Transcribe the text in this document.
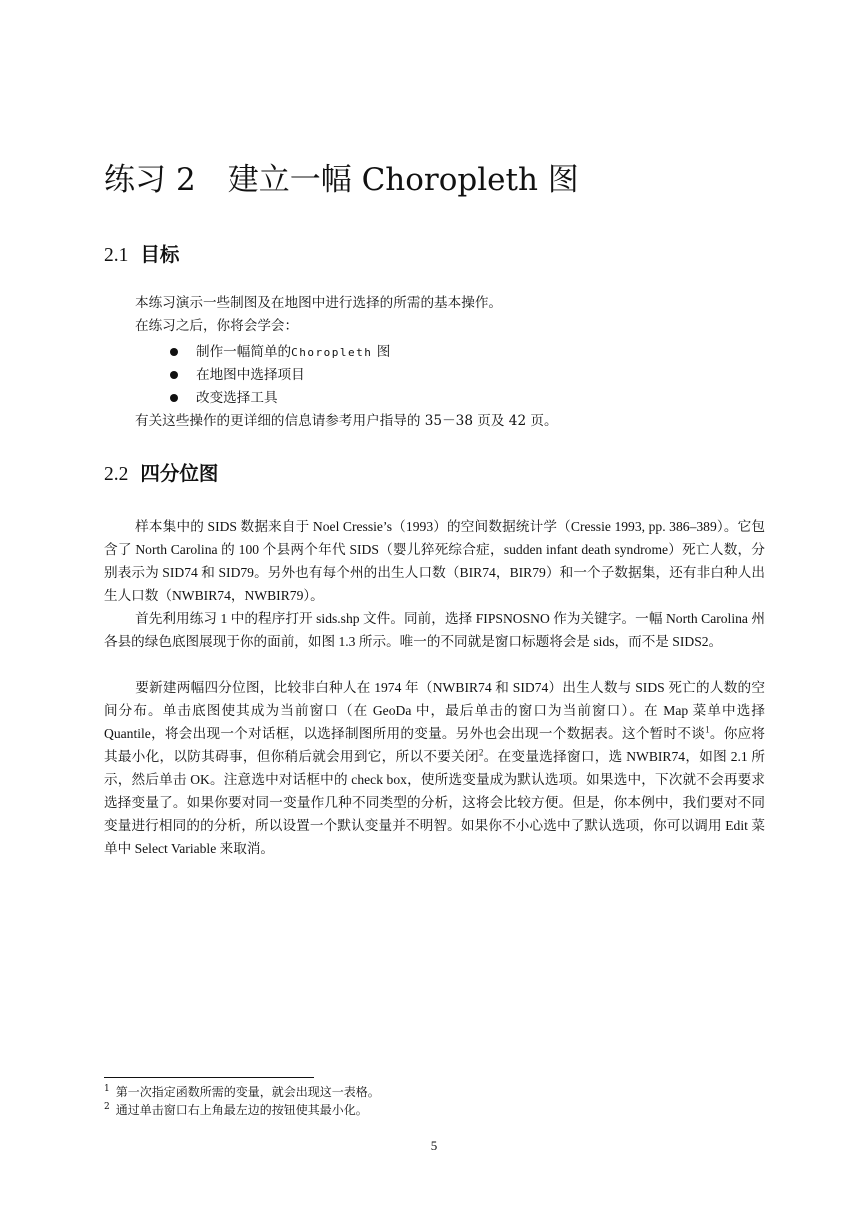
练习 2 建立一幅 Choropleth 图
2.1 目标

本练习演示一些制图及在地图中进行选择的所需的基本操作。

在练习之后，你将会学会：

制作一幅简单的Choropleth 图
在地图中选择项目
改变选择工具

有关这些操作的更详细的信息请参考用户指导的 35－38 页及 42 页。

2.2 四分位图

样本集中的 SIDS 数据来自于 Noel Cressie’s（1993）的空间数据统计学（Cressie 1993, pp. 386–389）。它包含了 North Carolina 的 100 个县两个年代 SIDS（婴儿猝死综合症，sudden infant death syndrome）死亡人数，分别表示为 SID74 和 SID79。另外也有每个州的出生人口数（BIR74，BIR79）和一个子数据集，还有非白种人出生人口数（NWBIR74，NWBIR79）。

首先利用练习 1 中的程序打开 sids.shp 文件。同前，选择 FIPSNOSNO 作为关键字。一幅 North Carolina 州各县的绿色底图展现于你的面前，如图 1.3 所示。唯一的不同就是窗口标题将会是 sids，而不是 SIDS2。

要新建两幅四分位图，比较非白种人在 1974 年（NWBIR74 和 SID74）出生人数与 SIDS 死亡的人数的空间分布。单击底图使其成为当前窗口（在 GeoDa 中，最后单击的窗口为当前窗口）。在 Map 菜单中选择 Quantile，将会出现一个对话框，以选择制图所用的变量。另外也会出现一个数据表。这个暂时不谈$^1$。你应将其最小化，以防其碍事，但你稍后就会用到它，所以不要关闭$^2$。在变量选择窗口，选 NWBIR74，如图 2.1 所示，然后单击 OK。注意选中对话框中的 check box，使所选变量成为默认选项。如果选中，下次就不会再要求选择变量了。如果你要对同一变量作几种不同类型的分析，这将会比较方便。但是，你本例中，我们要对不同变量进行相同的的分析，所以设置一个默认变量并不明智。如果你不小心选中了默认选项，你可以调用 Edit 菜单中 Select Variable 来取消。

$^1$ 第一次指定函数所需的变量，就会出现这一表格。

$^2$ 通过单击窗口右上角最左边的按钮使其最小化。

5
